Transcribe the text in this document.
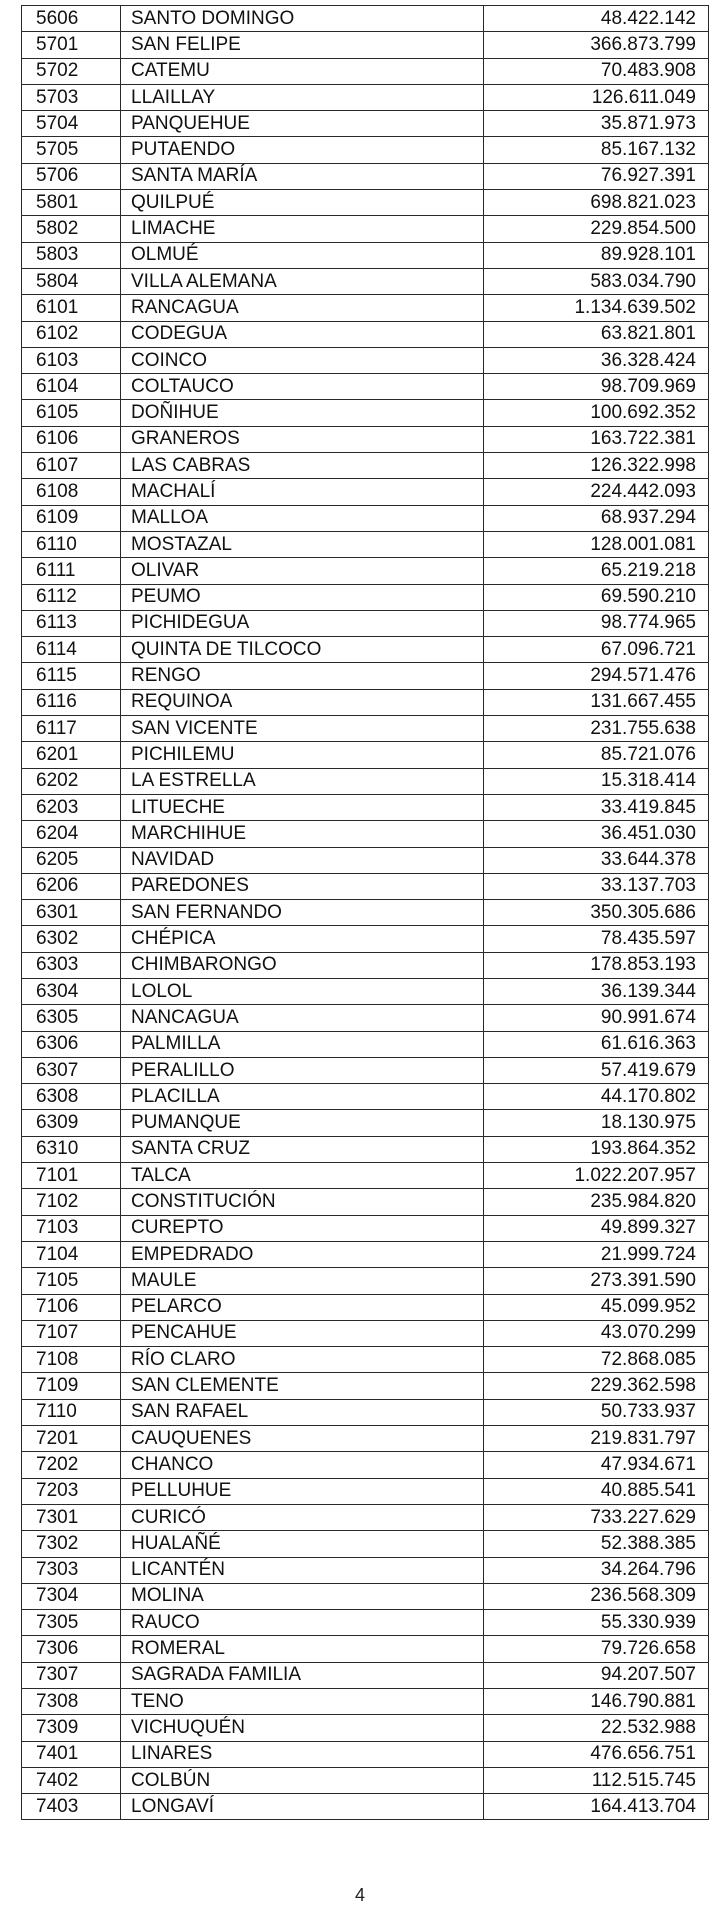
5606	SANTO DOMINGO	48.422.142
5701	SAN FELIPE	366.873.799
5702	CATEMU	70.483.908
5703	LLAILLAY	126.611.049
5704	PANQUEHUE	35.871.973
5705	PUTAENDO	85.167.132
5706	SANTA MARÍA	76.927.391
5801	QUILPUÉ	698.821.023
5802	LIMACHE	229.854.500
5803	OLMUÉ	89.928.101
5804	VILLA ALEMANA	583.034.790
6101	RANCAGUA	1.134.639.502
6102	CODEGUA	63.821.801
6103	COINCO	36.328.424
6104	COLTAUCO	98.709.969
6105	DOÑIHUE	100.692.352
6106	GRANEROS	163.722.381
6107	LAS CABRAS	126.322.998
6108	MACHALÍ	224.442.093
6109	MALLOA	68.937.294
6110	MOSTAZAL	128.001.081
6111	OLIVAR	65.219.218
6112	PEUMO	69.590.210
6113	PICHIDEGUA	98.774.965
6114	QUINTA DE TILCOCO	67.096.721
6115	RENGO	294.571.476
6116	REQUINOA	131.667.455
6117	SAN VICENTE	231.755.638
6201	PICHILEMU	85.721.076
6202	LA ESTRELLA	15.318.414
6203	LITUECHE	33.419.845
6204	MARCHIHUE	36.451.030
6205	NAVIDAD	33.644.378
6206	PAREDONES	33.137.703
6301	SAN FERNANDO	350.305.686
6302	CHÉPICA	78.435.597
6303	CHIMBARONGO	178.853.193
6304	LOLOL	36.139.344
6305	NANCAGUA	90.991.674
6306	PALMILLA	61.616.363
6307	PERALILLO	57.419.679
6308	PLACILLA	44.170.802
6309	PUMANQUE	18.130.975
6310	SANTA CRUZ	193.864.352
7101	TALCA	1.022.207.957
7102	CONSTITUCIÓN	235.984.820
7103	CUREPTO	49.899.327
7104	EMPEDRADO	21.999.724
7105	MAULE	273.391.590
7106	PELARCO	45.099.952
7107	PENCAHUE	43.070.299
7108	RÍO CLARO	72.868.085
7109	SAN CLEMENTE	229.362.598
7110	SAN RAFAEL	50.733.937
7201	CAUQUENES	219.831.797
7202	CHANCO	47.934.671
7203	PELLUHUE	40.885.541
7301	CURICÓ	733.227.629
7302	HUALAÑÉ	52.388.385
7303	LICANTÉN	34.264.796
7304	MOLINA	236.568.309
7305	RAUCO	55.330.939
7306	ROMERAL	79.726.658
7307	SAGRADA FAMILIA	94.207.507
7308	TENO	146.790.881
7309	VICHUQUÉN	22.532.988
7401	LINARES	476.656.751
7402	COLBÚN	112.515.745
7403	LONGAVÍ	164.413.704
4
